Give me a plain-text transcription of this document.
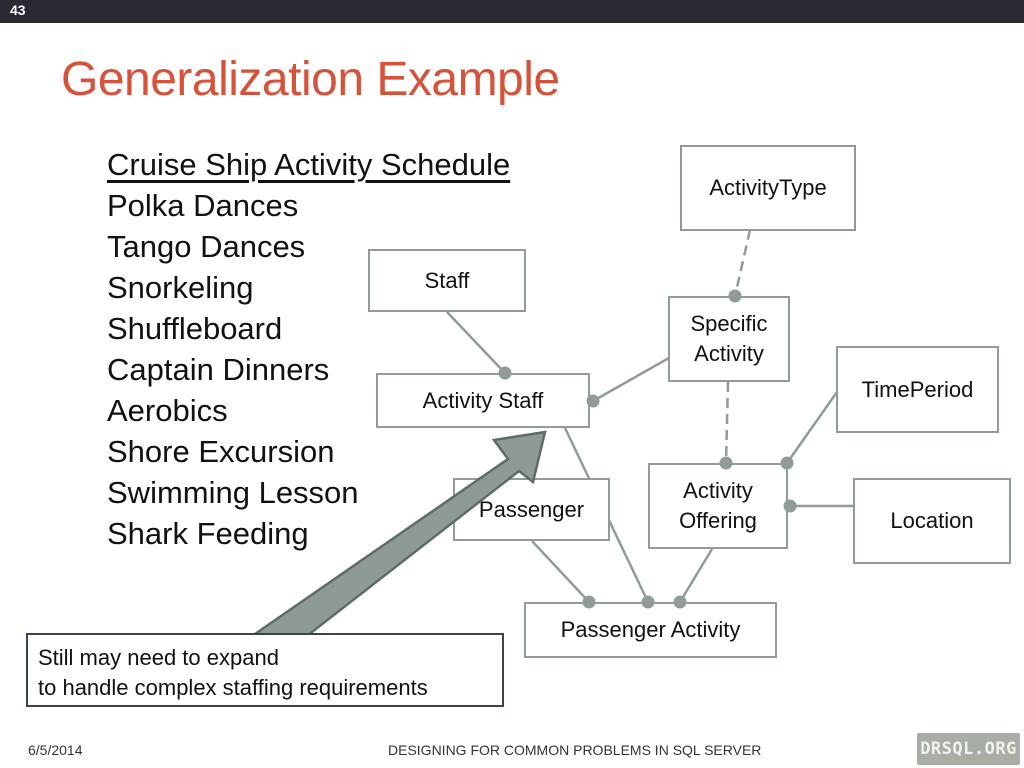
43
Generalization Example
Cruise Ship Activity Schedule
Polka Dances
Tango Dances
Snorkeling
Shuffleboard
Captain Dinners
Aerobics
Shore Excursion
Swimming Lesson
Shark Feeding
ActivityType
Staff
Specific
Activity
TimePeriod
Activity Staff
Activity
Offering
Passenger	Location
Passenger Activity
Still may need to expand
to handle complex staffing requirements
6/5/2014	DESIGNING FOR COMMON PROBLEMS IN SQL SERVER	DRSQL.ORG
